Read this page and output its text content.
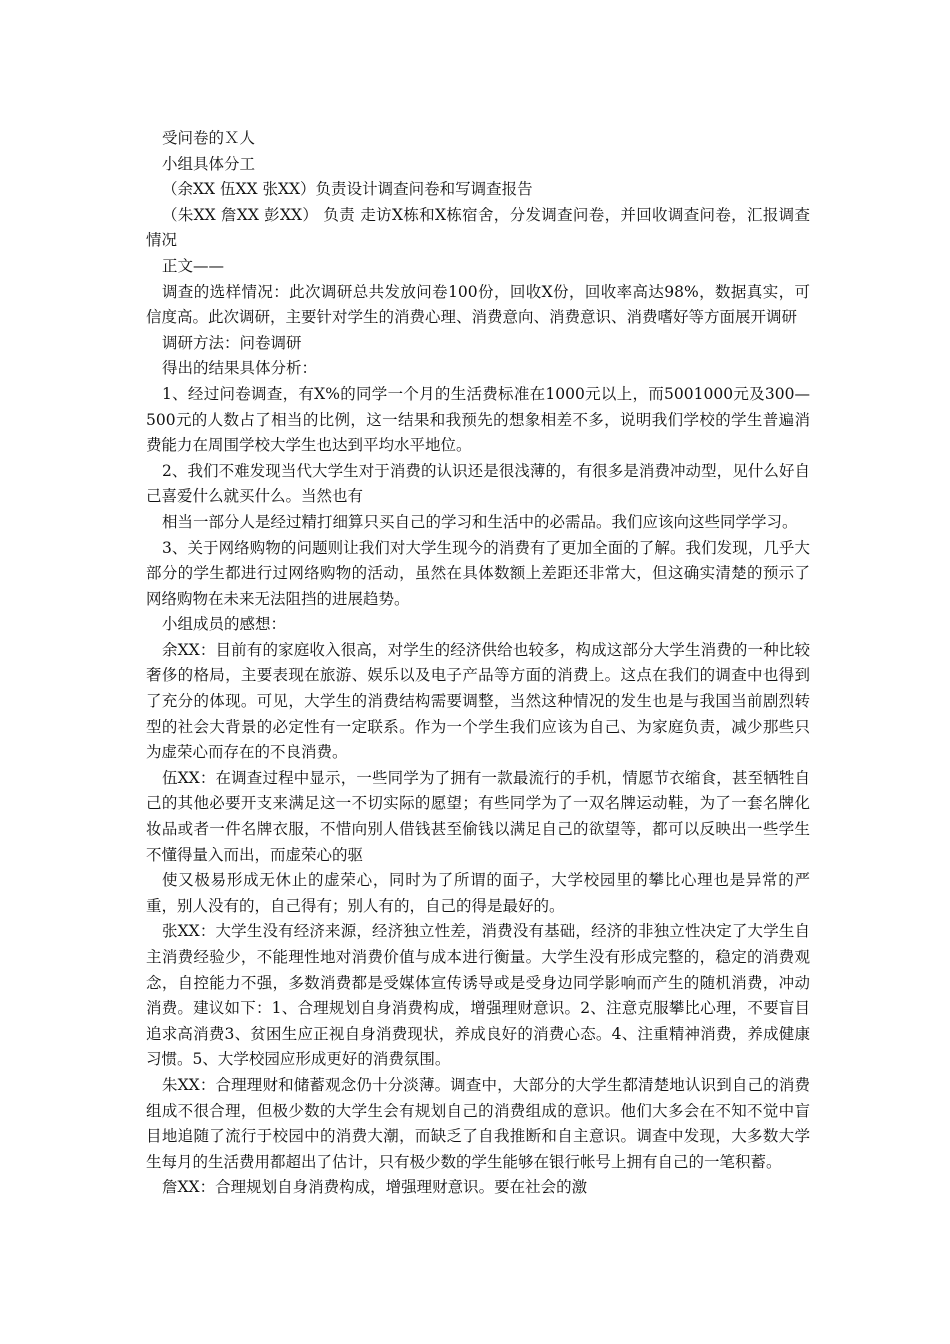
受问卷的Ｘ人

小组具体分工

（余XX 伍XX 张XX）负责设计调查问卷和写调查报告

（朱XX 詹XX 彭XX） 负责 走访X栋和X栋宿舍，分发调查问卷，并回收调查问卷，汇报调查情况

正文——

调查的选样情况：此次调研总共发放问卷100份，回收X份，回收率高达98%，数据真实，可信度高。此次调研，主要针对学生的消费心理、消费意向、消费意识、消费嗜好等方面展开调研

调研方法：问卷调研

得出的结果具体分析：

1、经过问卷调查，有X%的同学一个月的生活费标准在1000元以上，而5001000元及300—500元的人数占了相当的比例，这一结果和我预先的想象相差不多，说明我们学校的学生普遍消费能力在周围学校大学生也达到平均水平地位。

2、我们不难发现当代大学生对于消费的认识还是很浅薄的，有很多是消费冲动型，见什么好自己喜爱什么就买什么。当然也有

相当一部分人是经过精打细算只买自己的学习和生活中的必需品。我们应该向这些同学学习。

3、关于网络购物的问题则让我们对大学生现今的消费有了更加全面的了解。我们发现，几乎大部分的学生都进行过网络购物的活动，虽然在具体数额上差距还非常大，但这确实清楚的预示了网络购物在未来无法阻挡的进展趋势。

小组成员的感想：

余XX：目前有的家庭收入很高，对学生的经济供给也较多，构成这部分大学生消费的一种比较奢侈的格局，主要表现在旅游、娱乐以及电子产品等方面的消费上。这点在我们的调查中也得到了充分的体现。可见，大学生的消费结构需要调整，当然这种情况的发生也是与我国当前剧烈转型的社会大背景的必定性有一定联系。作为一个学生我们应该为自己、为家庭负责，减少那些只为虚荣心而存在的不良消费。

伍XX：在调查过程中显示，一些同学为了拥有一款最流行的手机，情愿节衣缩食，甚至牺牲自己的其他必要开支来满足这一不切实际的愿望；有些同学为了一双名牌运动鞋，为了一套名牌化妆品或者一件名牌衣服，不惜向别人借钱甚至偷钱以满足自己的欲望等，都可以反映出一些学生不懂得量入而出，而虚荣心的驱

使又极易形成无休止的虚荣心，同时为了所谓的面子，大学校园里的攀比心理也是异常的严重，别人没有的，自己得有；别人有的，自己的得是最好的。

张XX：大学生没有经济来源，经济独立性差，消费没有基础，经济的非独立性决定了大学生自主消费经验少，不能理性地对消费价值与成本进行衡量。大学生没有形成完整的，稳定的消费观念，自控能力不强，多数消费都是受媒体宣传诱导或是受身边同学影响而产生的随机消费，冲动消费。建议如下：1、合理规划自身消费构成，增强理财意识。2、注意克服攀比心理，不要盲目追求高消费3、贫困生应正视自身消费现状，养成良好的消费心态。4、注重精神消费，养成健康习惯。5、大学校园应形成更好的消费氛围。

朱XX：合理理财和储蓄观念仍十分淡薄。调查中，大部分的大学生都清楚地认识到自己的消费组成不很合理，但极少数的大学生会有规划自己的消费组成的意识。他们大多会在不知不觉中盲目地追随了流行于校园中的消费大潮，而缺乏了自我推断和自主意识。调查中发现，大多数大学生每月的生活费用都超出了估计，只有极少数的学生能够在银行帐号上拥有自己的一笔积蓄。

詹XX：合理规划自身消费构成，增强理财意识。要在社会的激
